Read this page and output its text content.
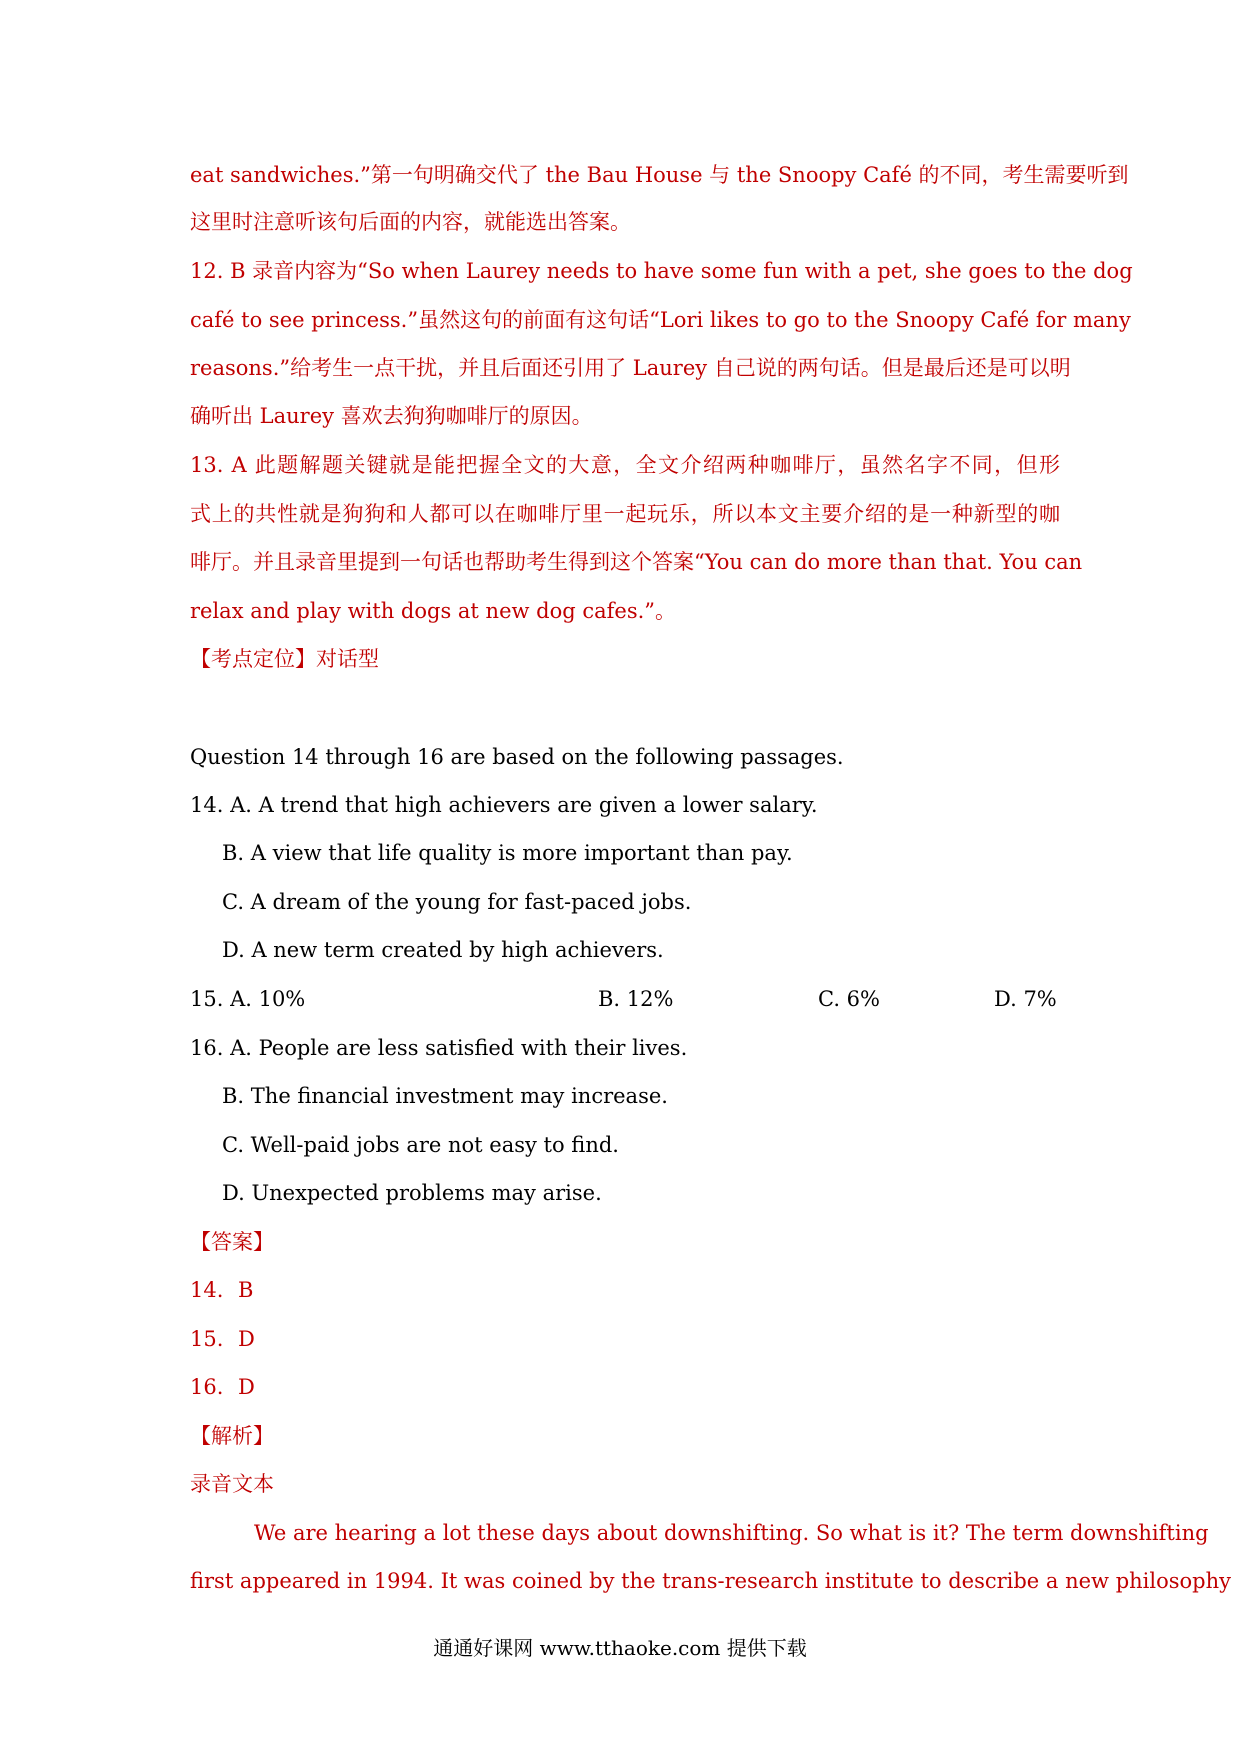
eat sandwiches.”第一句明确交代了 the Bau House 与 the Snoopy Café 的不同，考生需要听到
这里时注意听该句后面的内容，就能选出答案。
12. B 录音内容为“So when Laurey needs to have some fun with a pet, she goes to the dog
café to see princess.”虽然这句的前面有这句话“Lori likes to go to the Snoopy Café for many
reasons.”给考生一点干扰，并且后面还引用了 Laurey 自己说的两句话。但是最后还是可以明
确听出 Laurey 喜欢去狗狗咖啡厅的原因。
13. A 此题解题关键就是能把握全文的大意，全文介绍两种咖啡厅，虽然名字不同，但形
式上的共性就是狗狗和人都可以在咖啡厅里一起玩乐，所以本文主要介绍的是一种新型的咖
啡厅。并且录音里提到一句话也帮助考生得到这个答案“You can do more than that. You can
relax and play with dogs at new dog cafes.”。
【考点定位】对话型
Question 14 through 16 are based on the following passages.
14. A. A trend that high achievers are given a lower salary.
B. A view that life quality is more important than pay.
C. A dream of the young for fast-paced jobs.
D. A new term created by high achievers.
15. A. 10%	B. 12%	C. 6%	D. 7%
16. A. People are less satisfied with their lives.
B. The financial investment may increase.
C. Well-paid jobs are not easy to find.
D. Unexpected problems may arise.
【答案】
14. B
15. D
16. D
【解析】
录音文本
We are hearing a lot these days about downshifting. So what is it? The term downshifting
first appeared in 1994. It was coined by the trans-research institute to describe a new philosophy
通通好课网 www.tthaoke.com 提供下载
